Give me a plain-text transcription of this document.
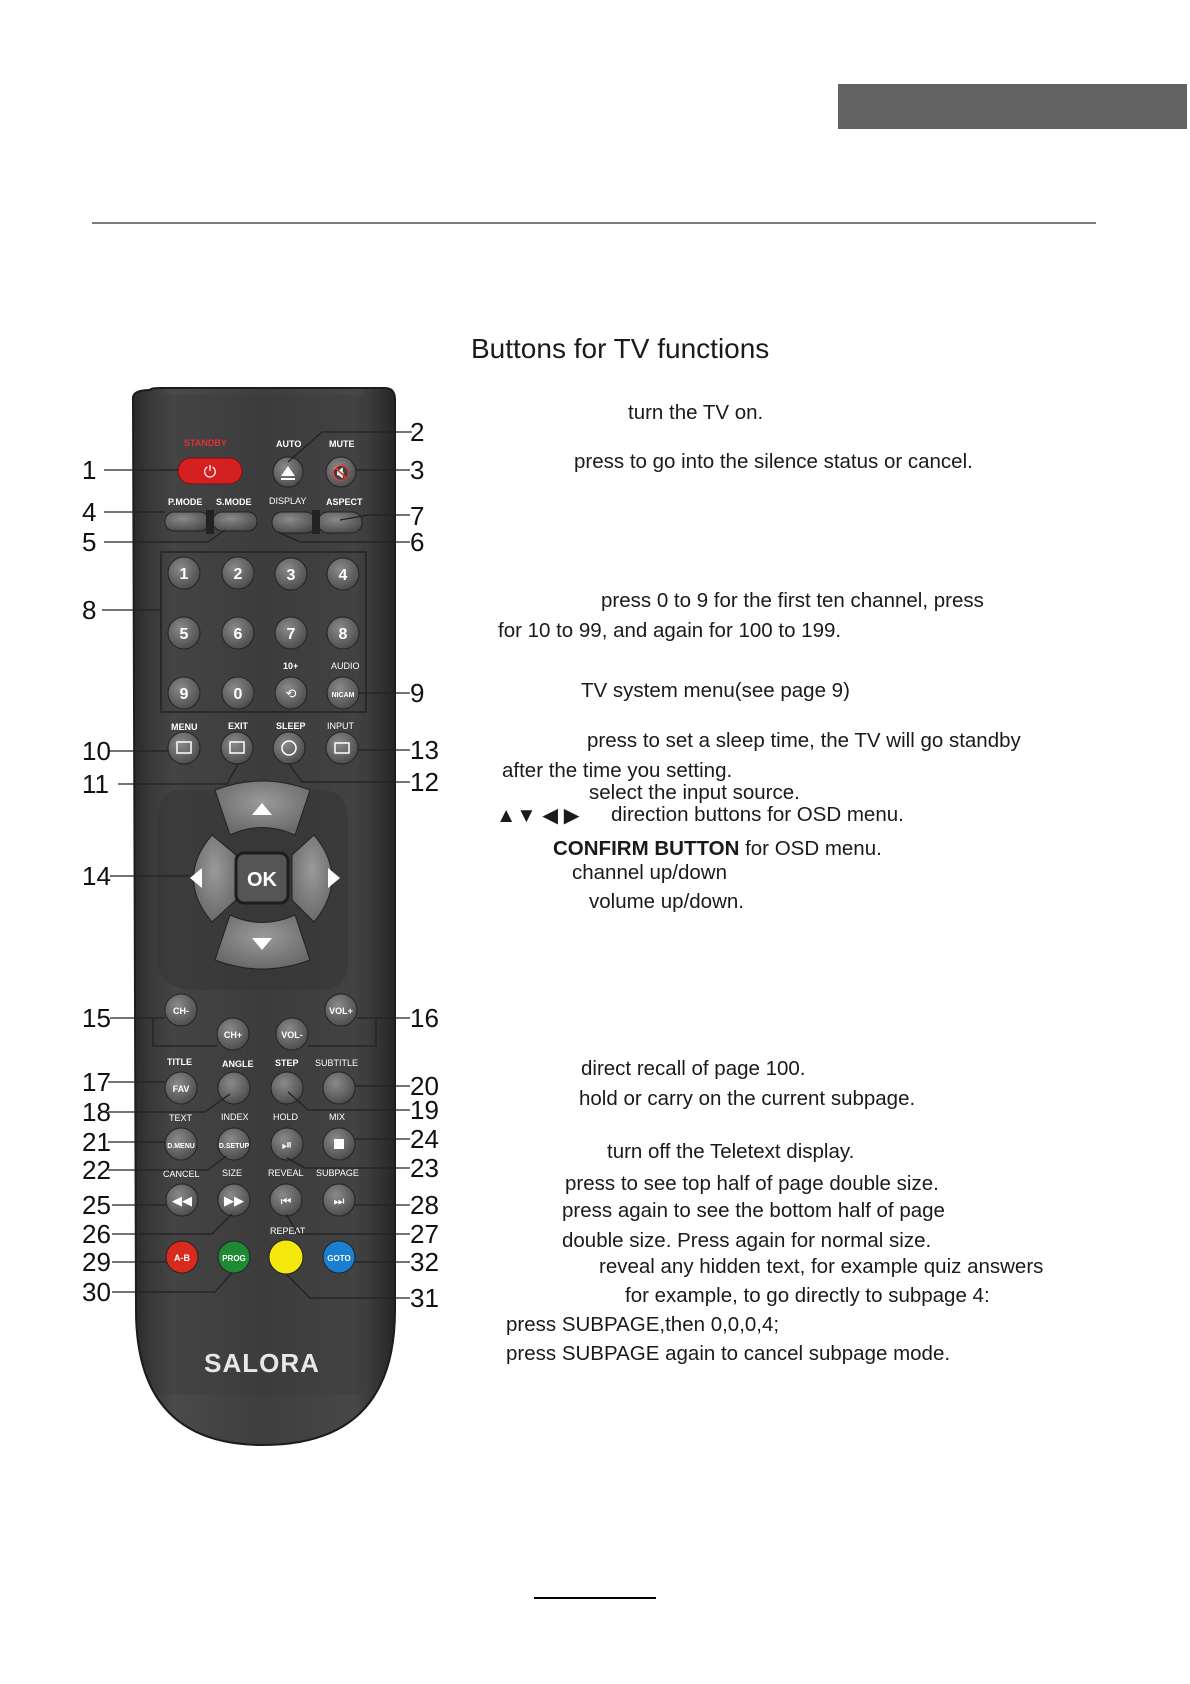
Buttons for TV functions
STANDBY	AUTO	MUTE
⏻	🔇
P.MODE S.MODE DISPLAY ASPECT
1	2	3	4
5	6	7	8
9	0
10+	AUDIO
⟲	NICAM
MENU	EXIT	SLEEP INPUT
OK
CH-
CH+	VOL-
VOL+
TITLE	ANGLE STEP SUBTITLE
FAV
TEXT	INDEX	HOLD	MIX
D.MENU	D.SETUP	⏯
CANCEL SIZE	REVEAL SUBPAGE
◀◀ ▶▶	⏮	⏭
REPEAT
A-B	PROG	GOTO
SALORA
1
2
3
4
5	6
7
8
9
10
11	12
13
14
15	16
17
18	19
20
21
22	23
24
25
26	27
28
29
30	31
32
turn the TV on.
press to go into the silence status or cancel.
press 0 to 9 for the first ten channel, press
for 10 to 99, and again for 100 to 199.
TV system menu(see page 9)
press to set a sleep time, the TV will go standby
after the time you setting.
select the input source.
▲▼ ◀ ▶ direction buttons for OSD menu.
CONFIRM BUTTON for OSD menu.
channel up/down
volume up/down.
direct recall of page 100.
hold or carry on the current subpage.
turn off the Teletext display.
press to see top half of page double size.
press again to see the bottom half of page
double size. Press again for normal size.
reveal any hidden text, for example quiz answers
for example, to go directly to subpage 4:
press SUBPAGE,then 0,0,0,4;
press SUBPAGE again to cancel subpage mode.
